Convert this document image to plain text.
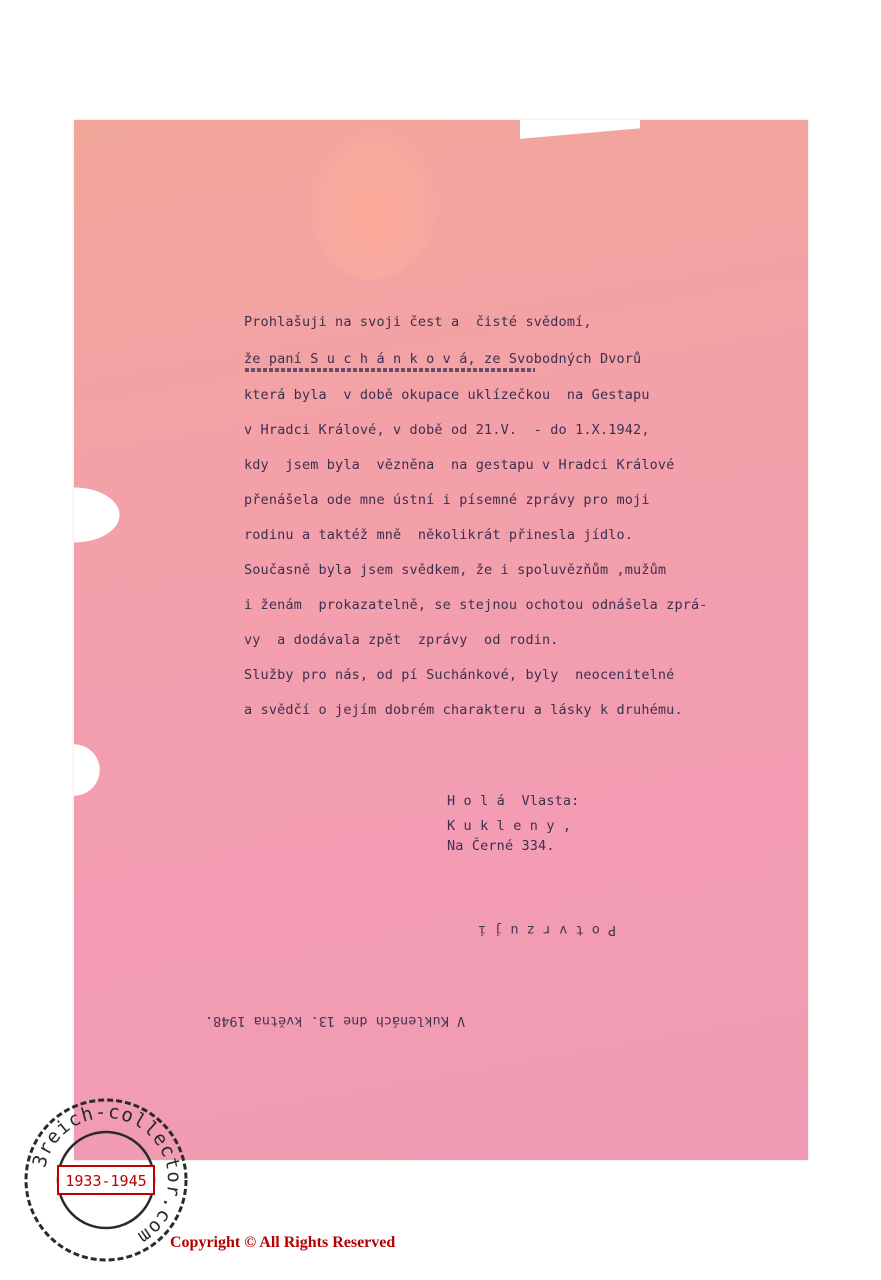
Prohlašuji na svoji čest a  čisté svědomí,
že paní S u c h á n k o v á, ze Svobodných Dvorů
která byla  v době okupace uklízečkou  na Gestapu
v Hradci Králové, v době od 21.V.  - do 1.X.1942,
kdy  jsem byla  vězněna  na gestapu v Hradci Králové
přenášela ode mne ústní i písemné zprávy pro moji
rodinu a taktéž mně  několikrát přinesla jídlo.
Současně byla jsem svědkem, že i spoluvězňům ,mužům
i ženám  prokazatelně, se stejnou ochotou odnášela zprá-
vy  a dodávala zpět  zprávy  od rodin.
Služby pro nás, od pí Suchánkové, byly  neocenitelné
a svědčí o jejím dobrém charakteru a lásky k druhému.
H o l á  Vlasta:
K u k l e n y ,
Na Černé 334.
P o t v r z u j i
V Kuklenách dne 13. května 1948.
3reich-collector.com
1933-1945
Copyright © All Rights Reserved
